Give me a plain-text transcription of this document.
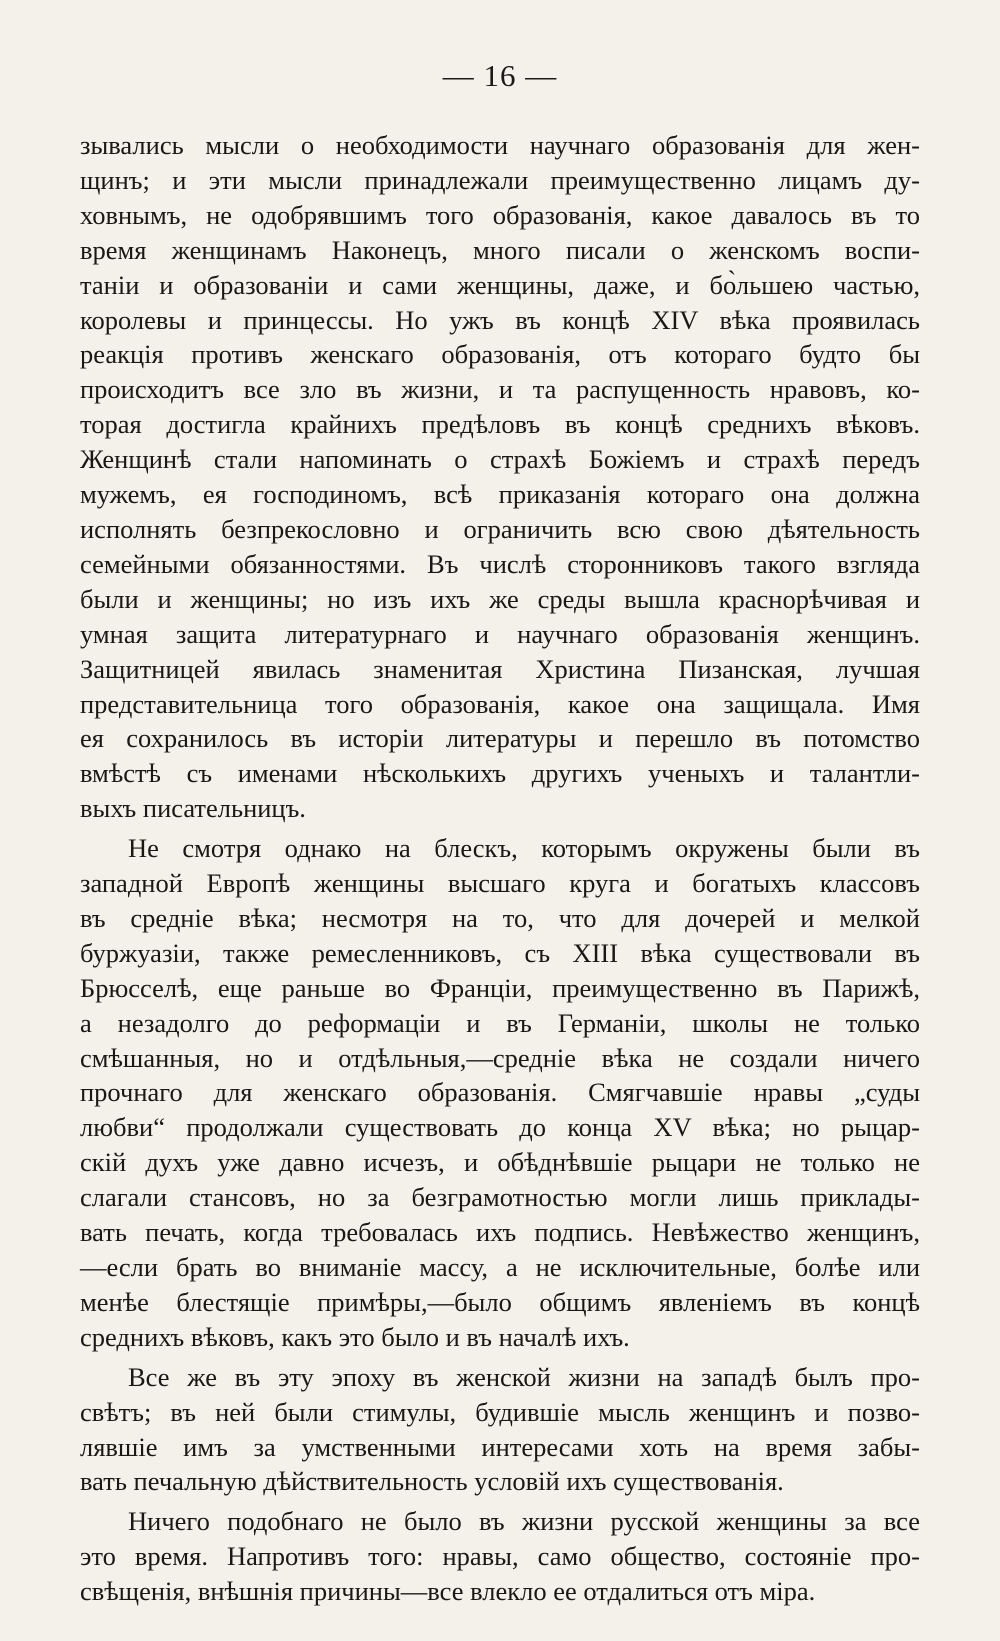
— 16 —

зывались мысли о необходимости научнаго образованія для жен-
щинъ; и эти мысли принадлежали преимущественно лицамъ ду-
ховнымъ, не одобрявшимъ того образованія, какое давалось въ то
время женщинамъ Наконецъ, много писали о женскомъ воспи-
таніи и образованіи и сами женщины, даже, и бо̀льшею частью,
королевы и принцессы. Но ужъ въ концѣ XIV вѣка проявилась
реакція противъ женскаго образованія, отъ котораго будто бы
происходитъ все зло въ жизни, и та распущенность нравовъ, ко-
торая достигла крайнихъ предѣловъ въ концѣ среднихъ вѣковъ.
Женщинѣ стали напоминать о страхѣ Божіемъ и страхѣ передъ
мужемъ, ея господиномъ, всѣ приказанія котораго она должна
исполнять безпрекословно и ограничить всю свою дѣятельность
семейными обязанностями. Въ числѣ сторонниковъ такого взгляда
были и женщины; но изъ ихъ же среды вышла краснорѣчивая и
умная защита литературнаго и научнаго образованія женщинъ.
Защитницей явилась знаменитая Христина Пизанская, лучшая
представительница того образованія, какое она защищала. Имя
ея сохранилось въ исторіи литературы и перешло въ потомство
вмѣстѣ съ именами нѣсколькихъ другихъ ученыхъ и талантли-
выхъ писательницъ.

Не смотря однако на блескъ, которымъ окружены были въ
западной Европѣ женщины высшаго круга и богатыхъ классовъ
въ средніе вѣка; несмотря на то, что для дочерей и мелкой
буржуазіи, также ремесленниковъ, съ XIII вѣка существовали въ
Брюсселѣ, еще раньше во Франціи, преимущественно въ Парижѣ,
а незадолго до реформаціи и въ Германіи, школы не только
смѣшанныя, но и отдѣльныя,—средніе вѣка не создали ничего
прочнаго для женскаго образованія. Смягчавшіе нравы „суды
любви“ продолжали существовать до конца XV вѣка; но рыцар-
скій духъ уже давно исчезъ, и обѣднѣвшіе рыцари не только не
слагали стансовъ, но за безграмотностью могли лишь приклады-
вать печать, когда требовалась ихъ подпись. Невѣжество женщинъ,
—если брать во вниманіе массу, а не исключительные, болѣе или
менѣе блестящіе примѣры,—было общимъ явленіемъ въ концѣ
среднихъ вѣковъ, какъ это было и въ началѣ ихъ.

Все же въ эту эпоху въ женской жизни на западѣ былъ про-
свѣтъ; въ ней были стимулы, будившіе мысль женщинъ и позво-
лявшіе имъ за умственными интересами хоть на время забы-
вать печальную дѣйствительность условій ихъ существованія.

Ничего подобнаго не было въ жизни русской женщины за все
это время. Напротивъ того: нравы, само общество, состояніе про-
свѣщенія, внѣшнія причины—все влекло ее отдалиться отъ міра.
